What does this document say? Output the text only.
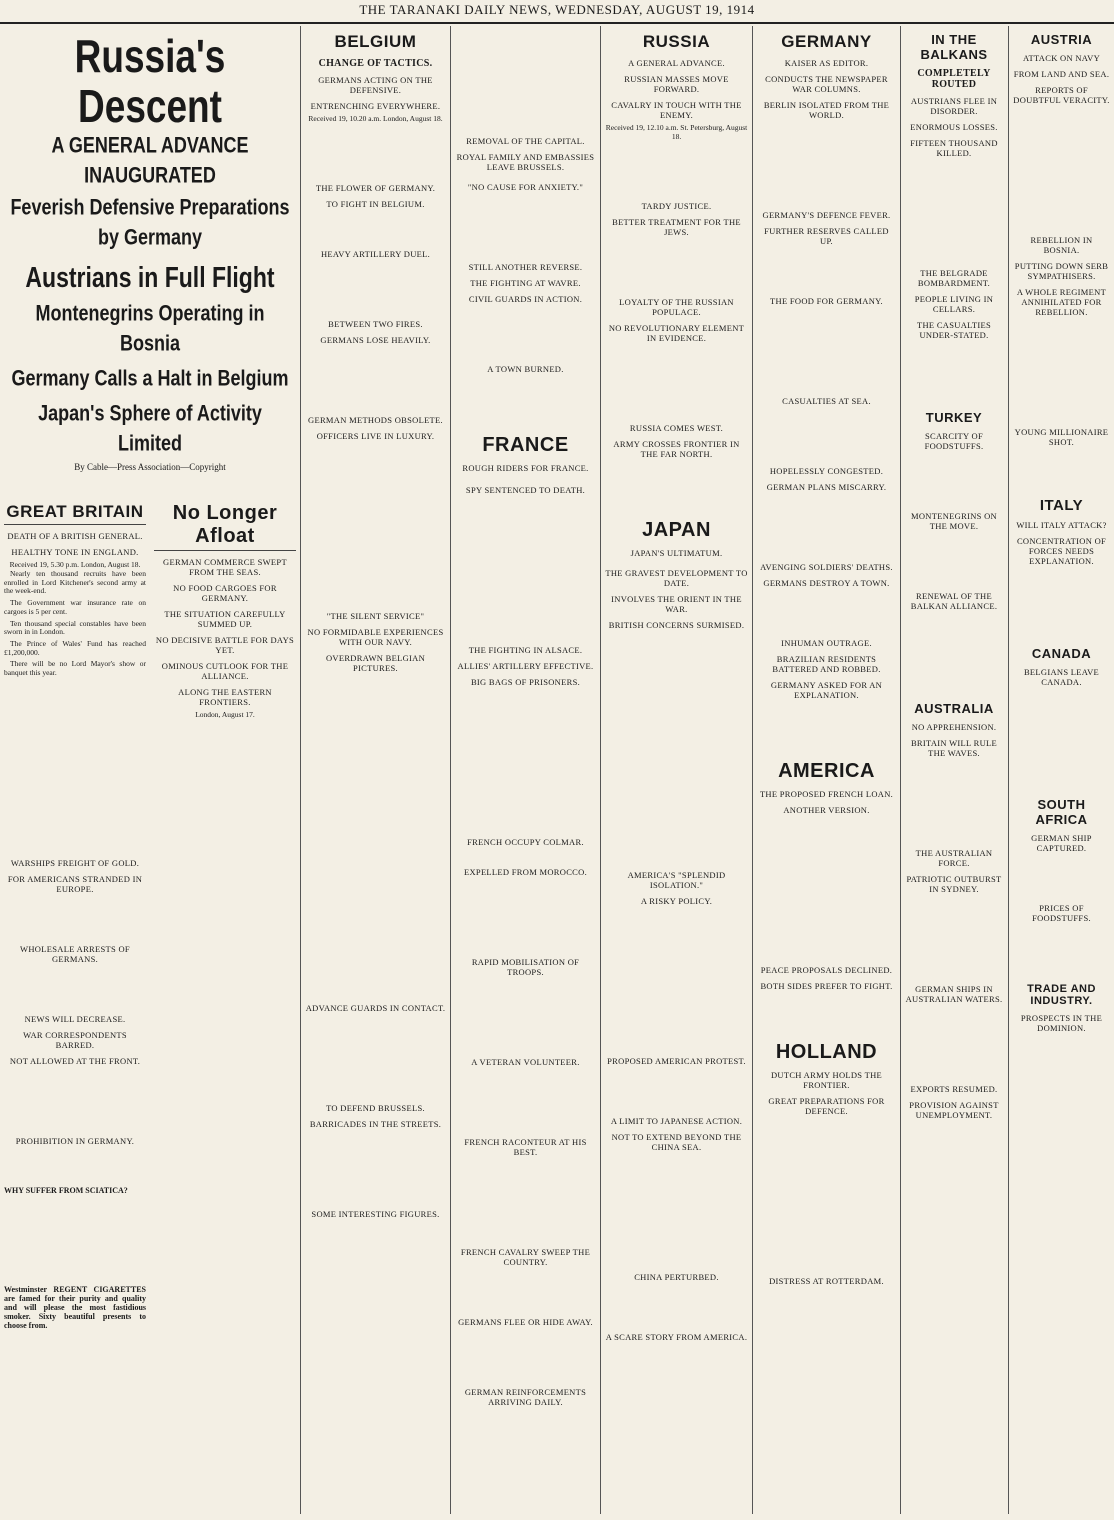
THE TARANAKI DAILY NEWS, WEDNESDAY, AUGUST 19, 1914
Russia's Descent
A GENERAL ADVANCE INAUGURATED
Feverish Defensive Preparations by Germany
Austrians in Full Flight
Montenegrins Operating in Bosnia
Germany Calls a Halt in Belgium
Japan's Sphere of Activity Limited
By Cable—Press Association—Copyright
GREAT BRITAIN
DEATH OF A BRITISH GENERAL.
HEALTHY TONE IN ENGLAND.
Received 19, 5.30 p.m. London, August 18.

Nearly ten thousand recruits have been enrolled in Lord Kitchener's second army at the week-end.

The Government war insurance rate on cargoes is 5 per cent.

Ten thousand special constables have been sworn in in London.

The Prince of Wales' Fund has reached £1,200,000.

There will be no Lord Mayor's show or banquet this year.

WARSHIPS FREIGHT OF GOLD.
FOR AMERICANS STRANDED IN EUROPE.
WHOLESALE ARRESTS OF GERMANS.
NEWS WILL DECREASE.
WAR CORRESPONDENTS BARRED.
NOT ALLOWED AT THE FRONT.
PROHIBITION IN GERMANY.
WHY SUFFER FROM SCIATICA?
Westminster REGENT CIGARETTES are famed for their purity and quality and will please the most fastidious smoker. Sixty beautiful presents to choose from.
No Longer Afloat
GERMAN COMMERCE SWEPT FROM THE SEAS.
NO FOOD CARGOES FOR GERMANY.
THE SITUATION CAREFULLY SUMMED UP.
NO DECISIVE BATTLE FOR DAYS YET.
OMINOUS CUTLOOK FOR THE ALLIANCE.
ALONG THE EASTERN FRONTIERS.
London, August 17.
BELGIUM
CHANGE OF TACTICS.
GERMANS ACTING ON THE DEFENSIVE.
ENTRENCHING EVERYWHERE.
Received 19, 10.20 a.m. London, August 18.
THE FLOWER OF GERMANY.
TO FIGHT IN BELGIUM.
HEAVY ARTILLERY DUEL.
BETWEEN TWO FIRES.
GERMANS LOSE HEAVILY.
GERMAN METHODS OBSOLETE.
OFFICERS LIVE IN LUXURY.
"THE SILENT SERVICE"
NO FORMIDABLE EXPERIENCES WITH OUR NAVY.
OVERDRAWN BELGIAN PICTURES.
ADVANCE GUARDS IN CONTACT.
TO DEFEND BRUSSELS.
BARRICADES IN THE STREETS.
SOME INTERESTING FIGURES.
REMOVAL OF THE CAPITAL.
ROYAL FAMILY AND EMBASSIES LEAVE BRUSSELS.
"NO CAUSE FOR ANXIETY."
STILL ANOTHER REVERSE.
THE FIGHTING AT WAVRE.
CIVIL GUARDS IN ACTION.
A TOWN BURNED.
FRANCE
ROUGH RIDERS FOR FRANCE.
SPY SENTENCED TO DEATH.
THE FIGHTING IN ALSACE.
ALLIES' ARTILLERY EFFECTIVE.
BIG BAGS OF PRISONERS.
FRENCH OCCUPY COLMAR.
EXPELLED FROM MOROCCO.
RAPID MOBILISATION OF TROOPS.
A VETERAN VOLUNTEER.
FRENCH RACONTEUR AT HIS BEST.
FRENCH CAVALRY SWEEP THE COUNTRY.
GERMANS FLEE OR HIDE AWAY.
GERMAN REINFORCEMENTS ARRIVING DAILY.
RUSSIA
A GENERAL ADVANCE.
RUSSIAN MASSES MOVE FORWARD.
CAVALRY IN TOUCH WITH THE ENEMY.
Received 19, 12.10 a.m. St. Petersburg, August 18.
TARDY JUSTICE.
BETTER TREATMENT FOR THE JEWS.
LOYALTY OF THE RUSSIAN POPULACE.
NO REVOLUTIONARY ELEMENT IN EVIDENCE.
RUSSIA COMES WEST.
ARMY CROSSES FRONTIER IN THE FAR NORTH.
JAPAN
JAPAN'S ULTIMATUM.
THE GRAVEST DEVELOPMENT TO DATE.
INVOLVES THE ORIENT IN THE WAR.
BRITISH CONCERNS SURMISED.
AMERICA'S "SPLENDID ISOLATION."
A RISKY POLICY.
PROPOSED AMERICAN PROTEST.
A LIMIT TO JAPANESE ACTION.
NOT TO EXTEND BEYOND THE CHINA SEA.
CHINA PERTURBED.
A SCARE STORY FROM AMERICA.
GERMANY
KAISER AS EDITOR.
CONDUCTS THE NEWSPAPER WAR COLUMNS.
BERLIN ISOLATED FROM THE WORLD.
GERMANY'S DEFENCE FEVER.
FURTHER RESERVES CALLED UP.
THE FOOD FOR GERMANY.
CASUALTIES AT SEA.
HOPELESSLY CONGESTED.
GERMAN PLANS MISCARRY.
AVENGING SOLDIERS' DEATHS.
GERMANS DESTROY A TOWN.
INHUMAN OUTRAGE.
BRAZILIAN RESIDENTS BATTERED AND ROBBED.
GERMANY ASKED FOR AN EXPLANATION.
AMERICA
THE PROPOSED FRENCH LOAN.
ANOTHER VERSION.
PEACE PROPOSALS DECLINED.
BOTH SIDES PREFER TO FIGHT.
HOLLAND
DUTCH ARMY HOLDS THE FRONTIER.
GREAT PREPARATIONS FOR DEFENCE.
DISTRESS AT ROTTERDAM.
IN THE BALKANS
COMPLETELY ROUTED
AUSTRIANS FLEE IN DISORDER.
ENORMOUS LOSSES.
FIFTEEN THOUSAND KILLED.
THE BELGRADE BOMBARDMENT.
PEOPLE LIVING IN CELLARS.
THE CASUALTIES UNDER-STATED.
TURKEY
SCARCITY OF FOODSTUFFS.
MONTENEGRINS ON THE MOVE.
RENEWAL OF THE BALKAN ALLIANCE.
AUSTRALIA
NO APPREHENSION.
BRITAIN WILL RULE THE WAVES.
THE AUSTRALIAN FORCE.
PATRIOTIC OUTBURST IN SYDNEY.
GERMAN SHIPS IN AUSTRALIAN WATERS.
EXPORTS RESUMED.
PROVISION AGAINST UNEMPLOYMENT.
AUSTRIA
ATTACK ON NAVY
FROM LAND AND SEA.
REPORTS OF DOUBTFUL VERACITY.
REBELLION IN BOSNIA.
PUTTING DOWN SERB SYMPATHISERS.
A WHOLE REGIMENT ANNIHILATED FOR REBELLION.
YOUNG MILLIONAIRE SHOT.
ITALY
WILL ITALY ATTACK?
CONCENTRATION OF FORCES NEEDS EXPLANATION.
CANADA
BELGIANS LEAVE CANADA.
SOUTH AFRICA
GERMAN SHIP CAPTURED.
PRICES OF FOODSTUFFS.
TRADE AND INDUSTRY.
PROSPECTS IN THE DOMINION.
